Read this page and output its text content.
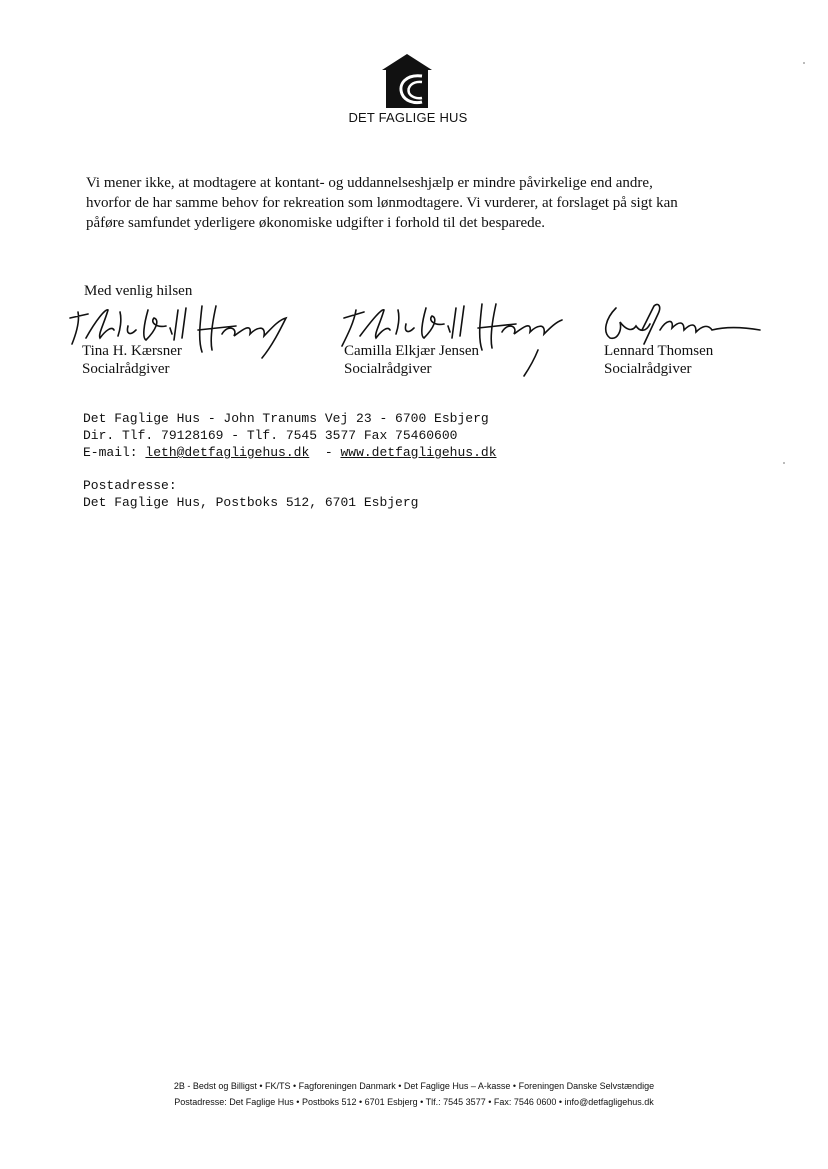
DET FAGLIGE HUS

Vi mener ikke, at modtagere at kontant- og uddannelseshjælp er mindre påvirkelige end andre,

hvorfor de har samme behov for rekreation som lønmodtagere. Vi vurderer, at forslaget på sigt kan

påføre samfundet yderligere økonomiske udgifter i forhold til det besparede.

Med venlig hilsen
Tina H. Kærsner
Socialrådgiver
Camilla Elkjær Jensen
Socialrådgiver
Lennard Thomsen
Socialrådgiver
Det Faglige Hus - John Tranums Vej 23 - 6700 Esbjerg
Dir. Tlf. 79128169 - Tlf. 7545 3577 Fax 75460600
E-mail: leth@detfagligehus.dk  - www.detfagligehus.dk
Postadresse:
Det Faglige Hus, Postboks 512, 6701 Esbjerg
2B - Bedst og Billigst • FK/TS • Fagforeningen Danmark • Det Faglige Hus – A-kasse • Foreningen Danske Selvstændige
Postadresse: Det Faglige Hus • Postboks 512 • 6701 Esbjerg • Tlf.: 7545 3577 • Fax: 7546 0600 • info@detfagligehus.dk
